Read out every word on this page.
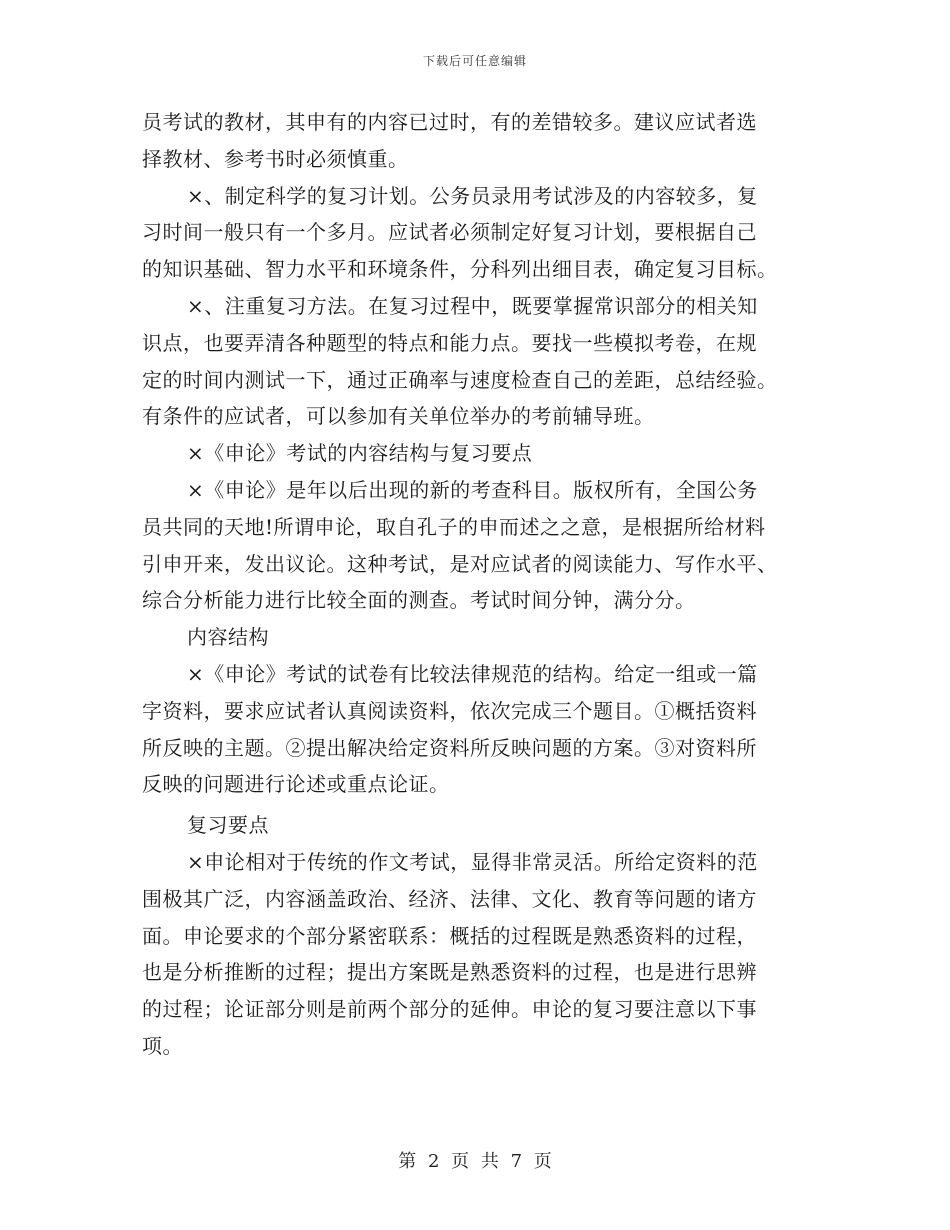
下载后可任意编辑
员考试的教材，其申有的内容已过时，有的差错较多。建议应试者选
择教材、参考书时必须慎重。
×、制定科学的复习计划。公务员录用考试涉及的内容较多，复
习时间一般只有一个多月。应试者必须制定好复习计划，要根据自己
的知识基础、智力水平和环境条件，分科列出细目表，确定复习目标。
×、注重复习方法。在复习过程中，既要掌握常识部分的相关知
识点，也要弄清各种题型的特点和能力点。要找一些模拟考卷，在规
定的时间内测试一下，通过正确率与速度检查自己的差距，总结经验。
有条件的应试者，可以参加有关单位举办的考前辅导班。
×《申论》考试的内容结构与复习要点
×《申论》是年以后出现的新的考查科目。版权所有，全国公务
员共同的天地!所谓申论，取自孔子的申而述之之意，是根据所给材料
引申开来，发出议论。这种考试，是对应试者的阅读能力、写作水平、
综合分析能力进行比较全面的测查。考试时间分钟，满分分。
内容结构
×《申论》考试的试卷有比较法律规范的结构。给定一组或一篇
字资料，要求应试者认真阅读资料，依次完成三个题目。①概括资料
所反映的主题。②提出解决给定资料所反映问题的方案。③对资料所
反映的问题进行论述或重点论证。
复习要点
×申论相对于传统的作文考试，显得非常灵活。所给定资料的范
围极其广泛，内容涵盖政治、经济、法律、文化、教育等问题的诸方
面。申论要求的个部分紧密联系：概括的过程既是熟悉资料的过程，
也是分析推断的过程；提出方案既是熟悉资料的过程，也是进行思辨
的过程；论证部分则是前两个部分的延伸。申论的复习要注意以下事
项。
第 2 页 共 7 页
